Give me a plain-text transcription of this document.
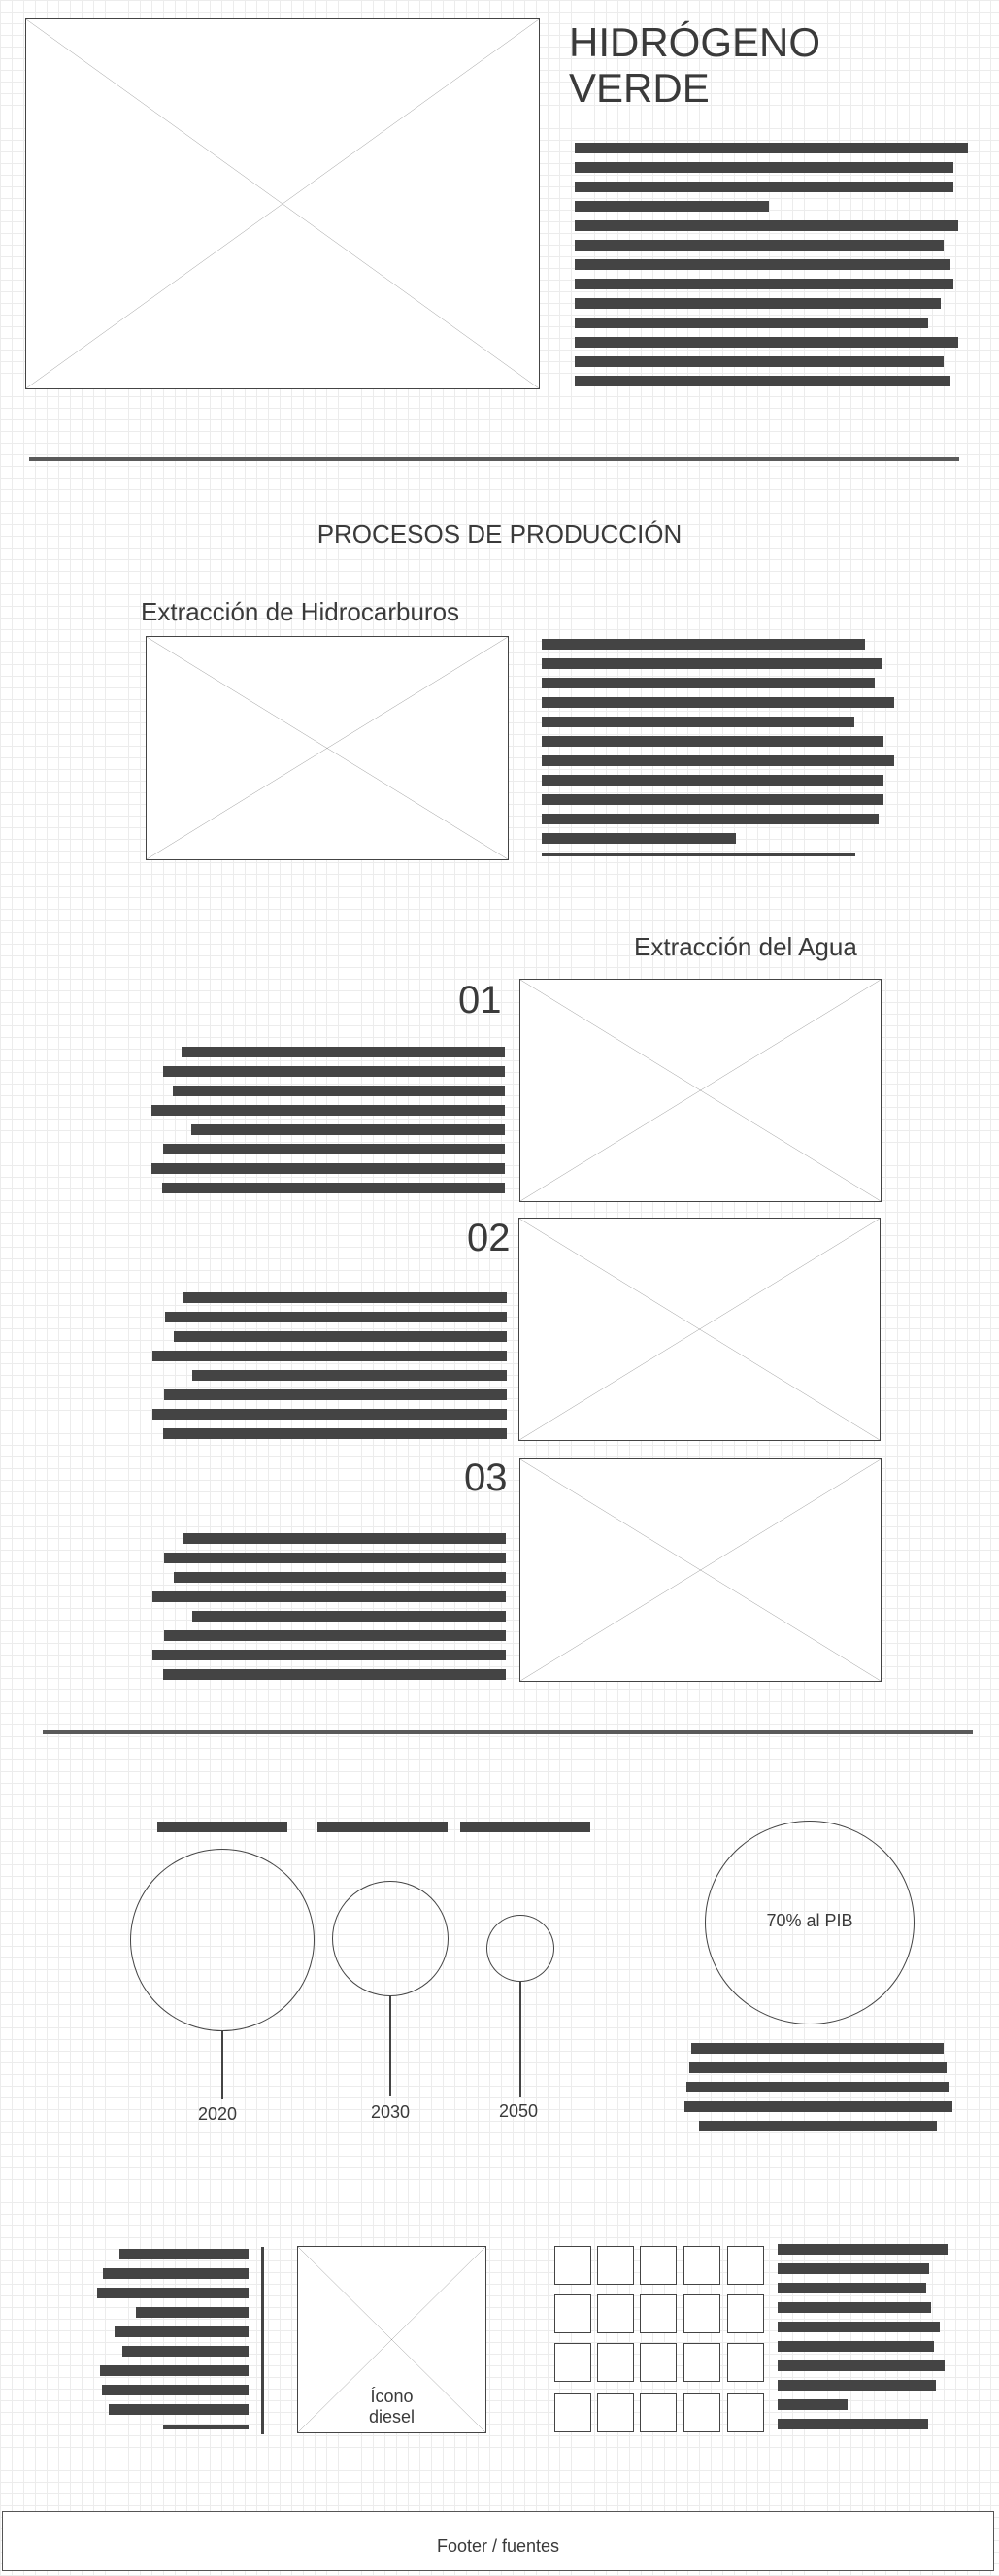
HIDRÓGENO
VERDE
PROCESOS DE PRODUCCIÓN
Extracción de Hidrocarburos
Extracción del Agua
01
02
03
2020	2030	2050
70% al PIB
Ícono
diesel
Footer / fuentes
